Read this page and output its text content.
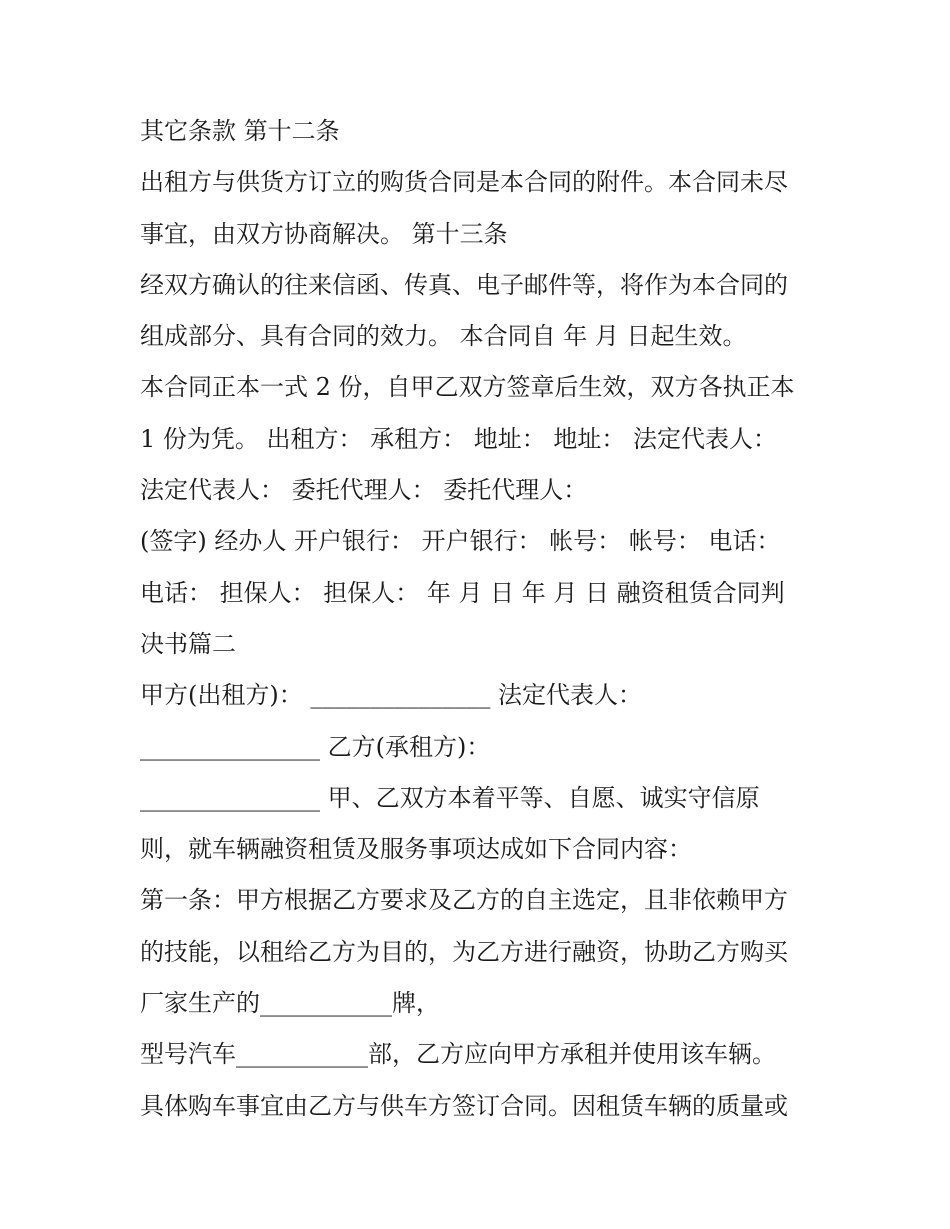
其它条款 第十二条
出租方与供货方订立的购货合同是本合同的附件。本合同未尽
事宜，由双方协商解决。 第十三条
经双方确认的往来信函、传真、电子邮件等，将作为本合同的
组成部分、具有合同的效力。 本合同自 年 月 日起生效。
本合同正本一式 2 份，自甲乙双方签章后生效，双方各执正本
1 份为凭。 出租方： 承租方： 地址： 地址： 法定代表人：
法定代表人： 委托代理人： 委托代理人：
(签字) 经办人 开户银行： 开户银行： 帐号： 帐号： 电话：
电话： 担保人： 担保人： 年 月 日 年 月 日 融资租赁合同判
决书篇二
甲方(出租方)： _______________ 法定代表人：
_______________ 乙方(承租方)：
_______________ 甲、乙双方本着平等、自愿、诚实守信原
则，就车辆融资租赁及服务事项达成如下合同内容：
第一条：甲方根据乙方要求及乙方的自主选定，且非依赖甲方
的技能，以租给乙方为目的，为乙方进行融资，协助乙方购买
厂家生产的___________牌，
型号汽车___________部，乙方应向甲方承租并使用该车辆。
具体购车事宜由乙方与供车方签订合同。因租赁车辆的质量或
